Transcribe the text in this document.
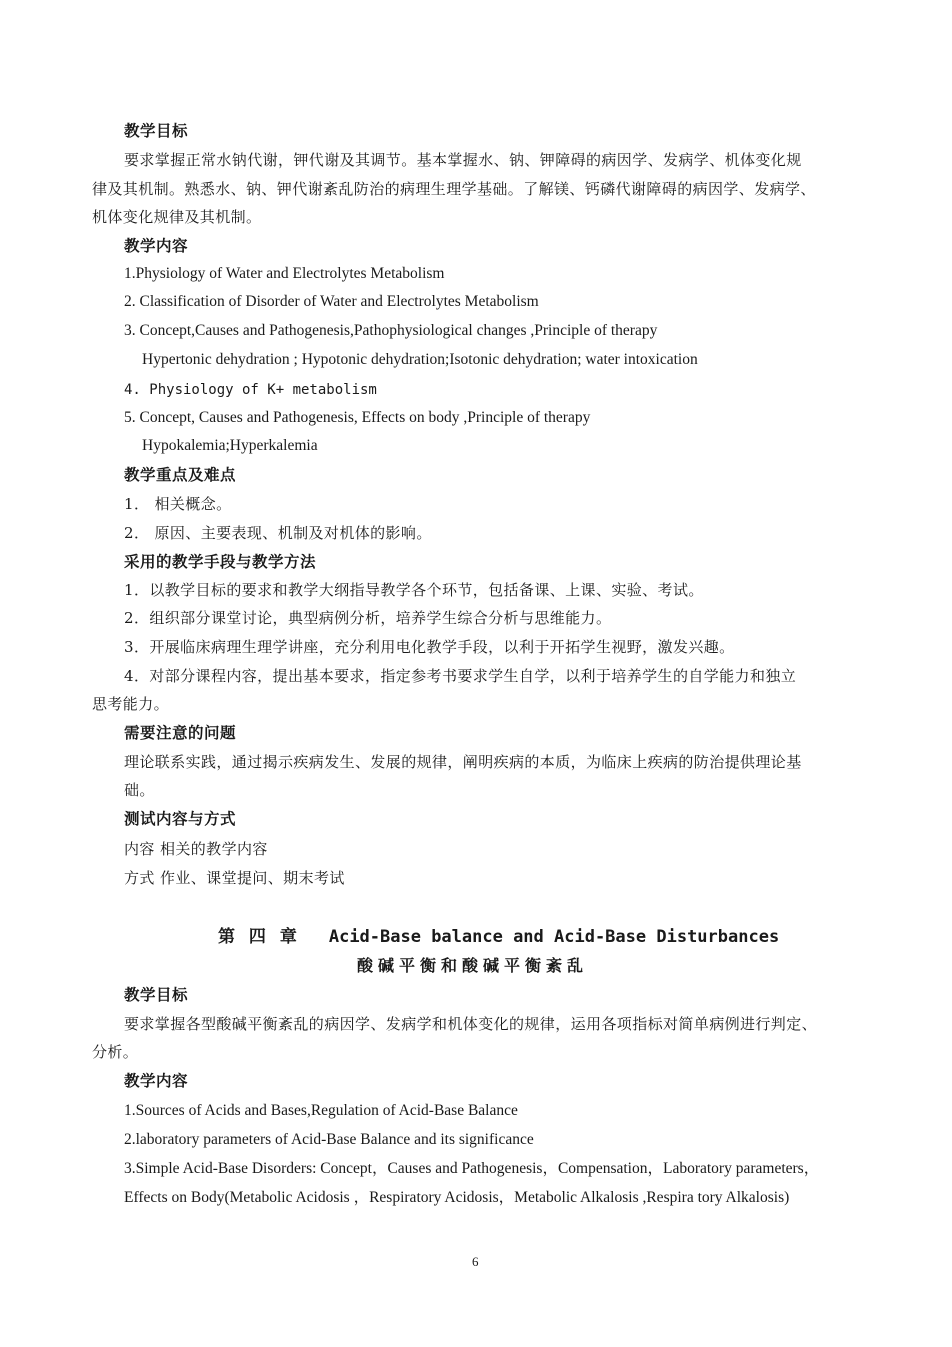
教学目标
要求掌握正常水钠代谢，钾代谢及其调节。基本掌握水、钠、钾障碍的病因学、发病学、机体变化规
律及其机制。熟悉水、钠、钾代谢紊乱防治的病理生理学基础。了解镁、钙磷代谢障碍的病因学、发病学、
机体变化规律及其机制。
教学内容
1.Physiology of Water and Electrolytes Metabolism
2. Classification of Disorder of Water and Electrolytes Metabolism
3. Concept,Causes and Pathogenesis,Pathophysiological changes ,Principle of therapy
Hypertonic dehydration ; Hypotonic dehydration;Isotonic dehydration; water intoxication
4. Physiology of K+ metabolism
5. Concept, Causes and Pathogenesis, Effects on body ,Principle of therapy
Hypokalemia;Hyperkalemia
教学重点及难点
1． 相关概念。
2． 原因、主要表现、机制及对机体的影响。
采用的教学手段与教学方法
1．以教学目标的要求和教学大纲指导教学各个环节，包括备课、上课、实验、考试。
2．组织部分课堂讨论，典型病例分析，培养学生综合分析与思维能力。
3．开展临床病理生理学讲座，充分利用电化教学手段，以利于开拓学生视野，激发兴趣。
4．对部分课程内容，提出基本要求，指定参考书要求学生自学，以利于培养学生的自学能力和独立
思考能力。
需要注意的问题
理论联系实践，通过揭示疾病发生、发展的规律，阐明疾病的本质，为临床上疾病的防治提供理论基
础。
测试内容与方式
内容 相关的教学内容
方式 作业、课堂提问、期末考试
第 四 章 Acid-Base balance and Acid-Base Disturbances
酸碱平衡和酸碱平衡紊乱
教学目标
要求掌握各型酸碱平衡紊乱的病因学、发病学和机体变化的规律，运用各项指标对简单病例进行判定、
分析。
教学内容
1.Sources of Acids and Bases,Regulation of Acid-Base Balance
2.laboratory parameters of Acid-Base Balance and its significance
3.Simple Acid-Base Disorders: Concept，Causes and Pathogenesis，Compensation，Laboratory parameters，
Effects on Body(Metabolic Acidosis ，Respiratory Acidosis，Metabolic Alkalosis ,Respira tory Alkalosis)
6
